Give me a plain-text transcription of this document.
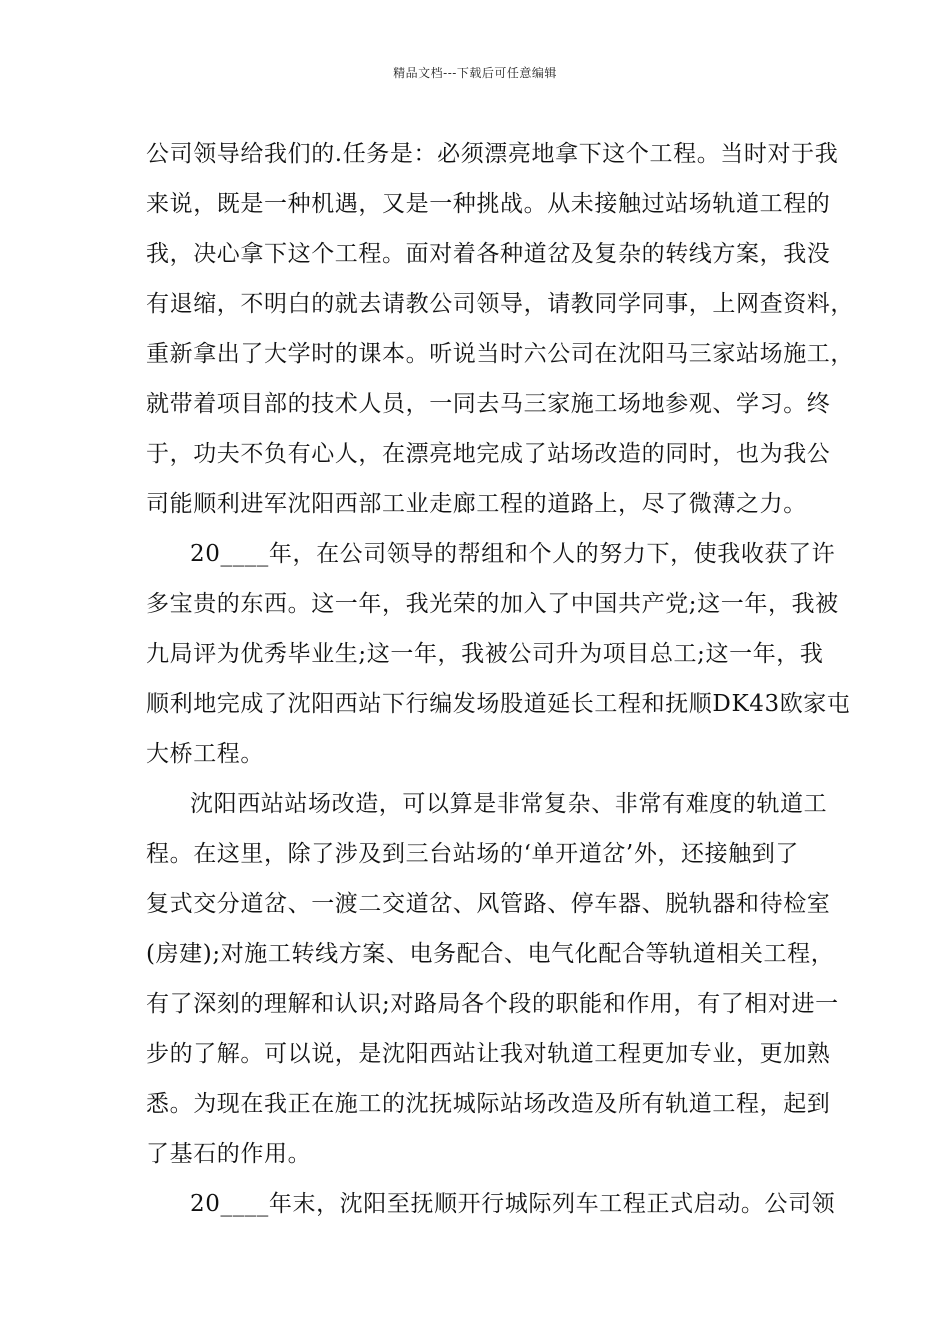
精品文档---下载后可任意编辑
公司领导给我们的.任务是：必须漂亮地拿下这个工程。当时对于我
来说，既是一种机遇，又是一种挑战。从未接触过站场轨道工程的
我，决心拿下这个工程。面对着各种道岔及复杂的转线方案，我没
有退缩，不明白的就去请教公司领导，请教同学同事，上网查资料，
重新拿出了大学时的课本。听说当时六公司在沈阳马三家站场施工，
就带着项目部的技术人员，一同去马三家施工场地参观、学习。终
于，功夫不负有心人，在漂亮地完成了站场改造的同时，也为我公
司能顺利进军沈阳西部工业走廊工程的道路上，尽了微薄之力。
20____年，在公司领导的帮组和个人的努力下，使我收获了许
多宝贵的东西。这一年，我光荣的加入了中国共产党;这一年，我被
九局评为优秀毕业生;这一年，我被公司升为项目总工;这一年，我
顺利地完成了沈阳西站下行编发场股道延长工程和抚顺DK43欧家屯
大桥工程。
沈阳西站站场改造，可以算是非常复杂、非常有难度的轨道工
程。在这里，除了涉及到三台站场的‘单开道岔’外，还接触到了
复式交分道岔、一渡二交道岔、风管路、停车器、脱轨器和待检室
(房建);对施工转线方案、电务配合、电气化配合等轨道相关工程，
有了深刻的理解和认识;对路局各个段的职能和作用，有了相对进一
步的了解。可以说，是沈阳西站让我对轨道工程更加专业，更加熟
悉。为现在我正在施工的沈抚城际站场改造及所有轨道工程，起到
了基石的作用。
20____年末，沈阳至抚顺开行城际列车工程正式启动。公司领
